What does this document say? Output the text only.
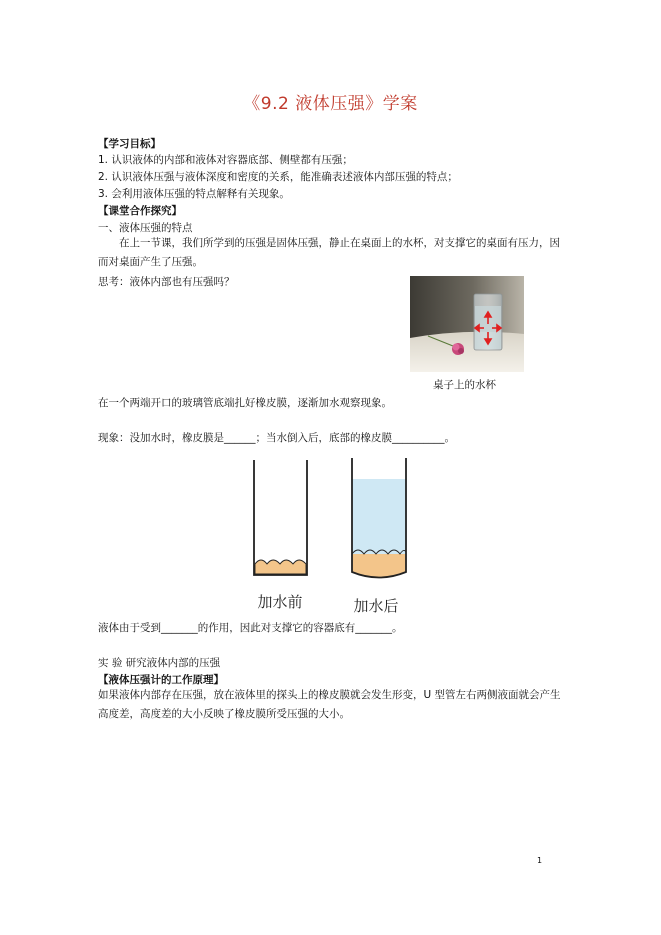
《9.2 液体压强》学案
【学习目标】
1. 认识液体的内部和液体对容器底部、侧壁都有压强；
2. 认识液体压强与液体深度和密度的关系，能准确表述液体内部压强的特点；
3. 会利用液体压强的特点解释有关现象。
【课堂合作探究】
一、液体压强的特点
在上一节课，我们所学到的压强是固体压强，静止在桌面上的水杯，对支撑它的桌面有压力，因而对桌面产生了压强。
思考：液体内部也有压强吗？
桌子上的水杯
在一个两端开口的玻璃管底端扎好橡皮膜，逐渐加水观察现象。
现象：没加水时，橡皮膜是______；当水倒入后，底部的橡皮膜__________。
加水前	加水后
液体由于受到_______的作用，因此对支撑它的容器底有_______。
实 验 研究液体内部的压强
【液体压强计的工作原理】
如果液体内部存在压强，放在液体里的探头上的橡皮膜就会发生形变，U 型管左右两侧液面就会产生高度差，高度差的大小反映了橡皮膜所受压强的大小。
1
